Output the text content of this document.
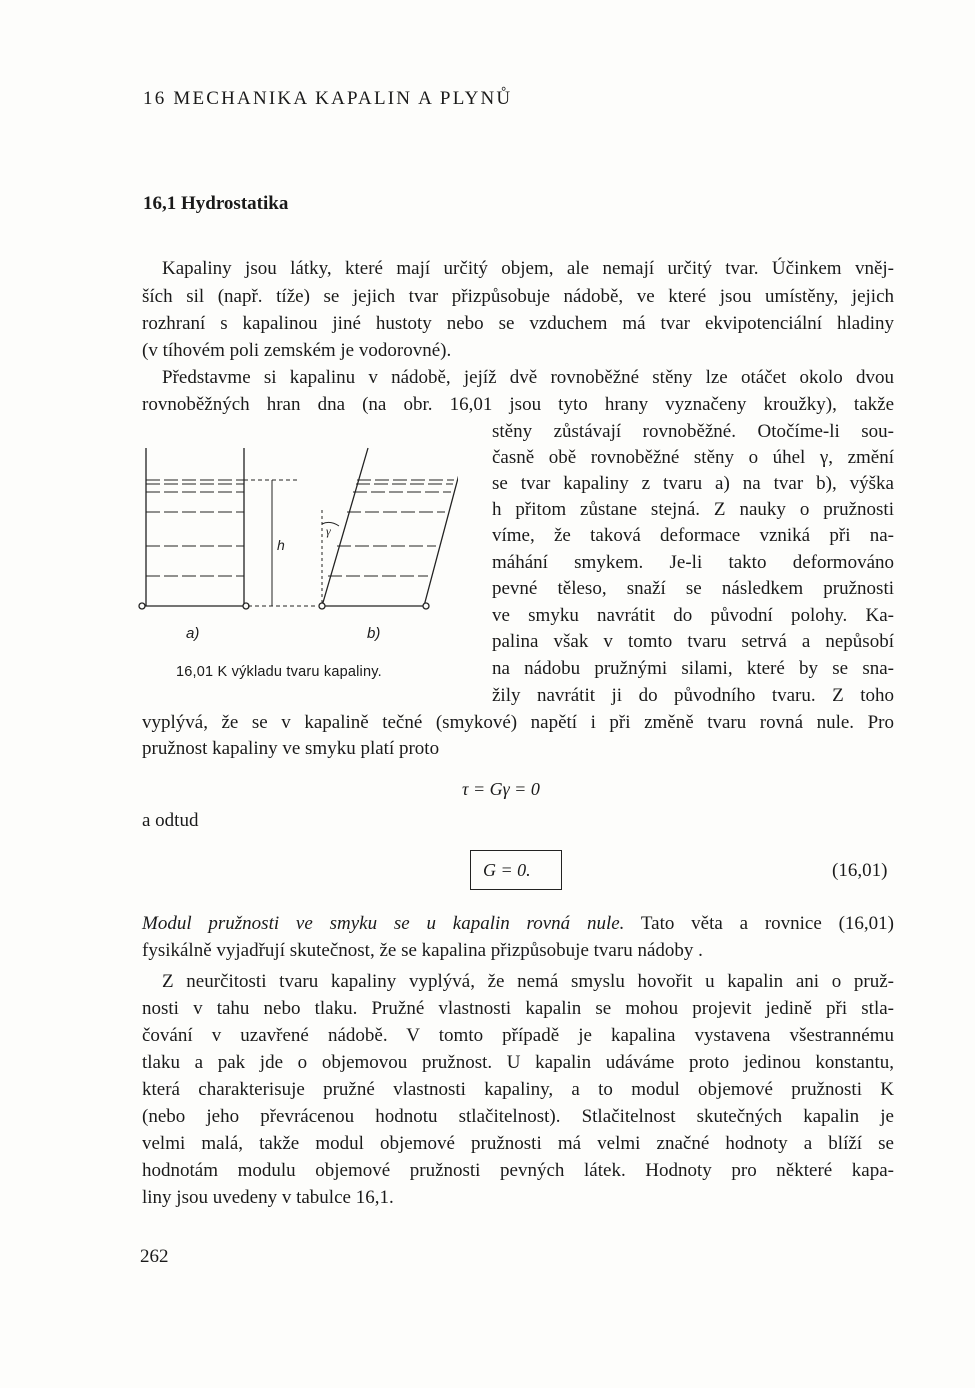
16 MECHANIKA KAPALIN A PLYNŮ
16,1 Hydrostatika
Kapaliny jsou látky, které mají určitý objem, ale nemají určitý tvar. Účinkem vněj-
ších sil (např. tíže) se jejich tvar přizpůsobuje nádobě, ve které jsou umístěny, jejich
rozhraní s kapalinou jiné hustoty nebo se vzduchem má tvar ekvipotenciální hladiny
(v tíhovém poli zemském je vodorovné).
Představme si kapalinu v nádobě, jejíž dvě rovnoběžné stěny lze otáčet okolo dvou
rovnoběžných hran dna (na obr. 16,01 jsou tyto hrany vyznačeny kroužky), takže
stěny zůstávají rovnoběžné. Otočíme-li sou-
časně obě rovnoběžné stěny o úhel γ, změní
se tvar kapaliny z tvaru a) na tvar b), výška
h přitom zůstane stejná. Z nauky o pružnosti
víme, že taková deformace vzniká při na-
máhání smykem. Je-li takto deformováno
pevné těleso, snaží se následkem pružnosti
ve smyku navrátit do původní polohy. Ka-
palina však v tomto tvaru setrvá a nepůsobí
na nádobu pružnými silami, které by se sna-
žily navrátit ji do původního tvaru. Z toho
vyplývá, že se v kapalině tečné (smykové) napětí i při změně tvaru rovná nule. Pro
pružnost kapaliny ve smyku platí proto
h
γ
a)	b)
16,01 K výkladu tvaru kapaliny.
τ = Gγ = 0
a odtud
G = 0.	(16,01)
Modul pružnosti ve smyku se u kapalin rovná nule. Tato věta a rovnice (16,01)
fysikálně vyjadřují skutečnost, že se kapalina přizpůsobuje tvaru nádoby .
Z neurčitosti tvaru kapaliny vyplývá, že nemá smyslu hovořit u kapalin ani o pruž-
nosti v tahu nebo tlaku. Pružné vlastnosti kapalin se mohou projevit jedině při stla-
čování v uzavřené nádobě. V tomto případě je kapalina vystavena všestrannému
tlaku a pak jde o objemovou pružnost. U kapalin udáváme proto jedinou konstantu,
která charakterisuje pružné vlastnosti kapaliny, a to modul objemové pružnosti K
(nebo jeho převrácenou hodnotu stlačitelnost). Stlačitelnost skutečných kapalin je
velmi malá, takže modul objemové pružnosti má velmi značné hodnoty a blíží se
hodnotám modulu objemové pružnosti pevných látek. Hodnoty pro některé kapa-
liny jsou uvedeny v tabulce 16,1.
262
